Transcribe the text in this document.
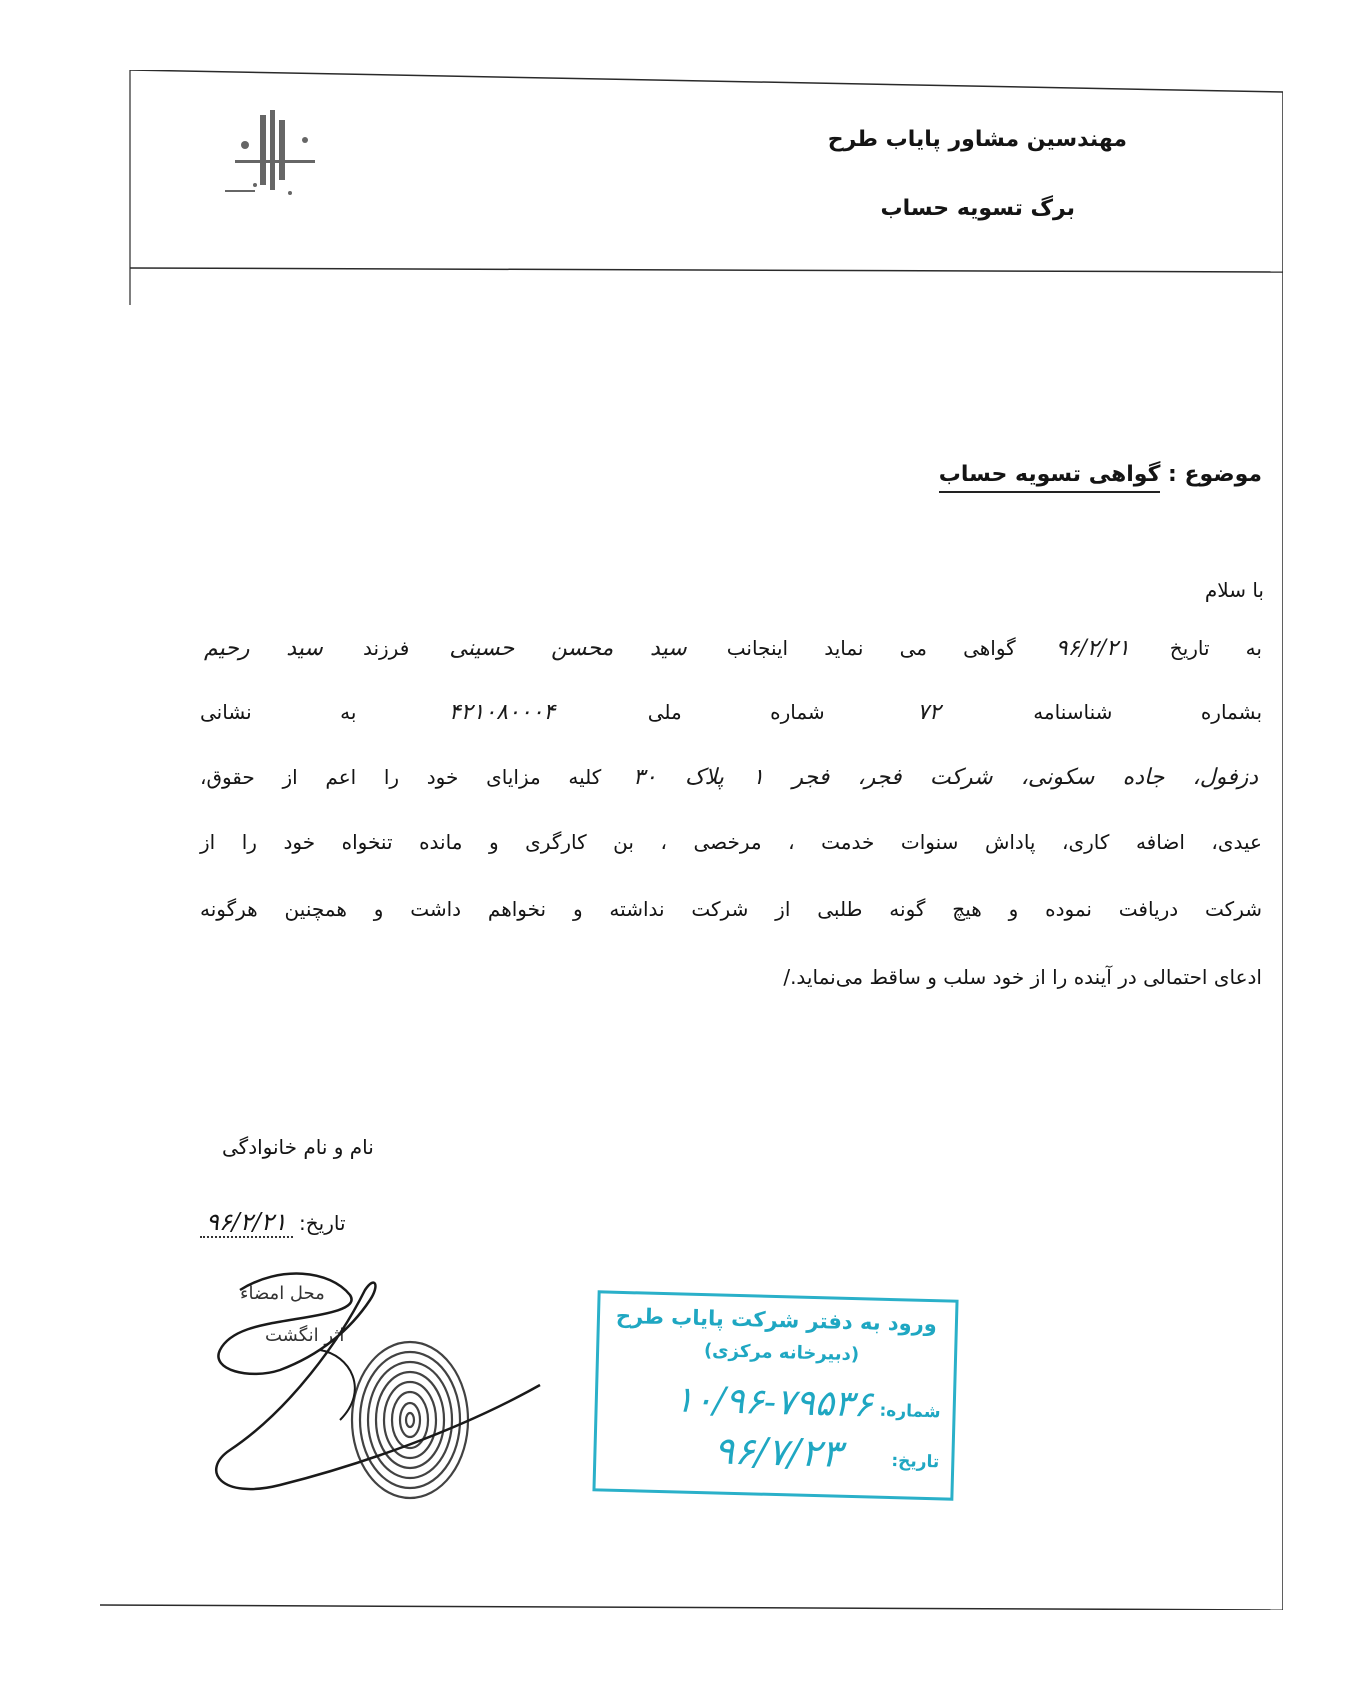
مهندسین مشاور پایاب طرح
برگ تسویه حساب
موضوع : گواهی تسویه حساب
با سلام
به تاریخ ۹۶/۲/۲۱ گواهی می نماید اینجانب سید محسن حسینی فرزند سید رحیم
بشماره شناسنامه ۷۲ شماره ملی ۴۲۱۰۸۰۰۰۴ به نشانی
دزفول، جاده سکونی، شرکت فجر، فجر ۱ پلاک ۳۰ کلیه مزایای خود را اعم از حقوق،
عیدی، اضافه کاری، پاداش سنوات خدمت ، مرخصی ، بن کارگری و مانده تنخواه خود را از
شرکت دریافت نموده و هیچ گونه طلبی از شرکت نداشته و نخواهم داشت و همچنین هرگونه
ادعای احتمالی در آینده را از خود سلب و ساقط می‌نماید./
نام و نام خانوادگی
تاریخ: ۹۶/۲/۲۱
محل امضاء
اثر انگشت	ورود به دفتر شرکت پایاب طرح
(دبیرخانه مرکزی)
شماره:
۱۰/۹۶-۷۹۵۳۶
تاریخ:
۹۶/۷/۲۳
